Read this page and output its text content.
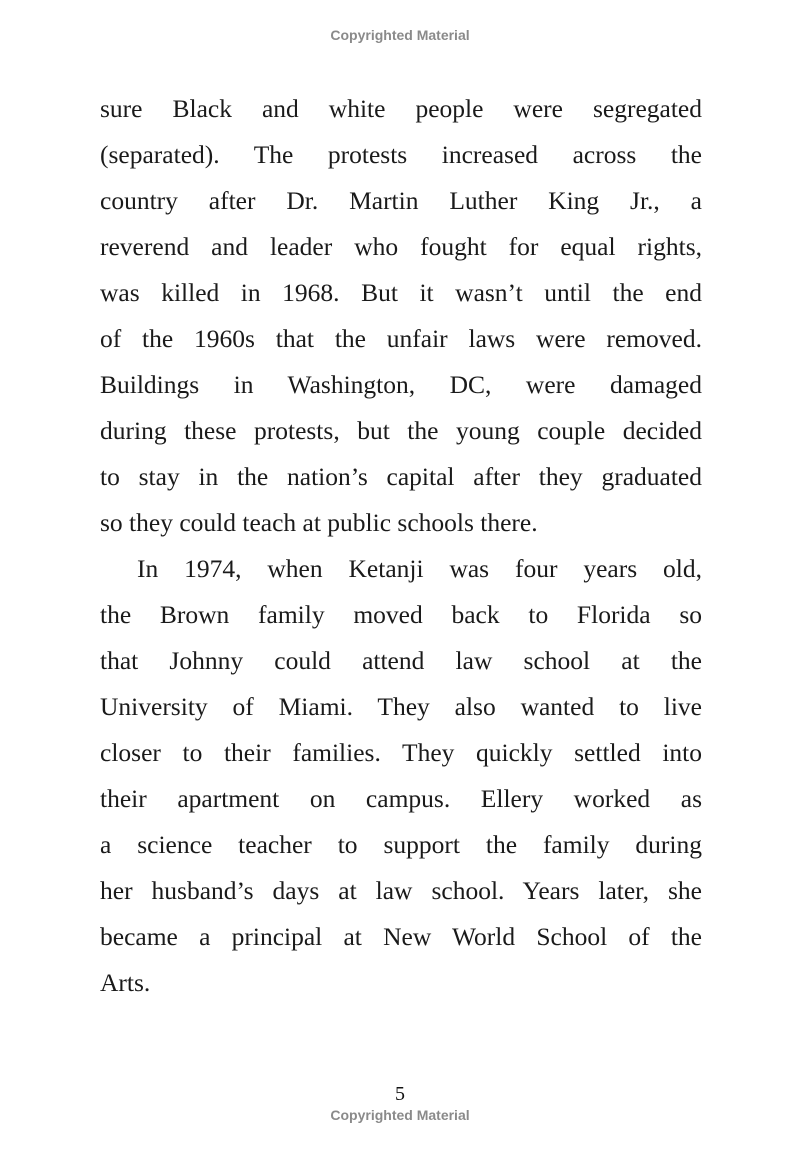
Copyrighted Material
sure Black and white people were segregated
(separated). The protests increased across the
country after Dr. Martin Luther King Jr., a
reverend and leader who fought for equal rights,
was killed in 1968. But it wasn’t until the end
of the 1960s that the unfair laws were removed.
Buildings in Washington, DC, were damaged
during these protests, but the young couple decided
to stay in the nation’s capital after they graduated
so they could teach at public schools there.
In 1974, when Ketanji was four years old,
the Brown family moved back to Florida so
that Johnny could attend law school at the
University of Miami. They also wanted to live
closer to their families. They quickly settled into
their apartment on campus. Ellery worked as
a science teacher to support the family during
her husband’s days at law school. Years later, she
became a principal at New World School of the
Arts.
5
Copyrighted Material
